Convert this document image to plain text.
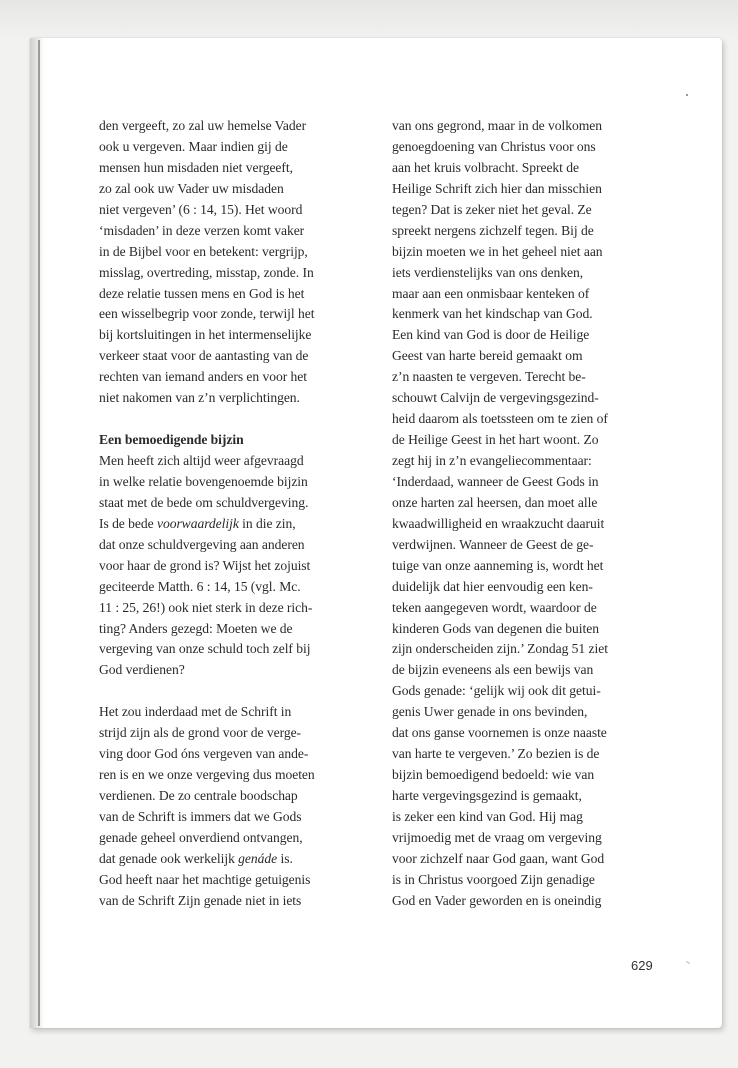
den vergeeft, zo zal uw hemelse Vader
ook u vergeven. Maar indien gij de
mensen hun misdaden niet vergeeft,
zo zal ook uw Vader uw misdaden
niet vergeven’ (6 : 14, 15). Het woord
‘misdaden’ in deze verzen komt vaker
in de Bijbel voor en betekent: vergrijp,
misslag, overtreding, misstap, zonde. In
deze relatie tussen mens en God is het
een wisselbegrip voor zonde, terwijl het
bij kortsluitingen in het intermenselijke
verkeer staat voor de aantasting van de
rechten van iemand anders en voor het
niet nakomen van z’n verplichtingen.
Een bemoedigende bijzin
Men heeft zich altijd weer afgevraagd
in welke relatie bovengenoemde bijzin
staat met de bede om schuldvergeving.
Is de bede voorwaardelijk in die zin,
dat onze schuldvergeving aan anderen
voor haar de grond is? Wijst het zojuist
geciteerde Matth. 6 : 14, 15 (vgl. Mc.
11 : 25, 26!) ook niet sterk in deze rich-
ting? Anders gezegd: Moeten we de
vergeving van onze schuld toch zelf bij
God verdienen?
Het zou inderdaad met de Schrift in
strijd zijn als de grond voor de verge-
ving door God óns vergeven van ande-
ren is en we onze vergeving dus moeten
verdienen. De zo centrale boodschap
van de Schrift is immers dat we Gods
genade geheel onverdiend ontvangen,
dat genade ook werkelijk genáde is.
God heeft naar het machtige getuigenis
van de Schrift Zijn genade niet in iets
van ons gegrond, maar in de volkomen
genoegdoening van Christus voor ons
aan het kruis volbracht. Spreekt de
Heilige Schrift zich hier dan misschien
tegen? Dat is zeker niet het geval. Ze
spreekt nergens zichzelf tegen. Bij de
bijzin moeten we in het geheel niet aan
iets verdienstelijks van ons denken,
maar aan een onmisbaar kenteken of
kenmerk van het kindschap van God.
Een kind van God is door de Heilige
Geest van harte bereid gemaakt om
z’n naasten te vergeven. Terecht be-
schouwt Calvijn de vergevingsgezind-
heid daarom als toetssteen om te zien of
de Heilige Geest in het hart woont. Zo
zegt hij in z’n evangeliecommentaar:
‘Inderdaad, wanneer de Geest Gods in
onze harten zal heersen, dan moet alle
kwaadwilligheid en wraakzucht daaruit
verdwijnen. Wanneer de Geest de ge-
tuige van onze aanneming is, wordt het
duidelijk dat hier eenvoudig een ken-
teken aangegeven wordt, waardoor de
kinderen Gods van degenen die buiten
zijn onderscheiden zijn.’ Zondag 51 ziet
de bijzin eveneens als een bewijs van
Gods genade: ‘gelijk wij ook dit getui-
genis Uwer genade in ons bevinden,
dat ons ganse voornemen is onze naaste
van harte te vergeven.’ Zo bezien is de
bijzin bemoedigend bedoeld: wie van
harte vergevingsgezind is gemaakt,
is zeker een kind van God. Hij mag
vrijmoedig met de vraag om vergeving
voor zichzelf naar God gaan, want God
is in Christus voorgoed Zijn genadige
God en Vader geworden en is oneindig
629
